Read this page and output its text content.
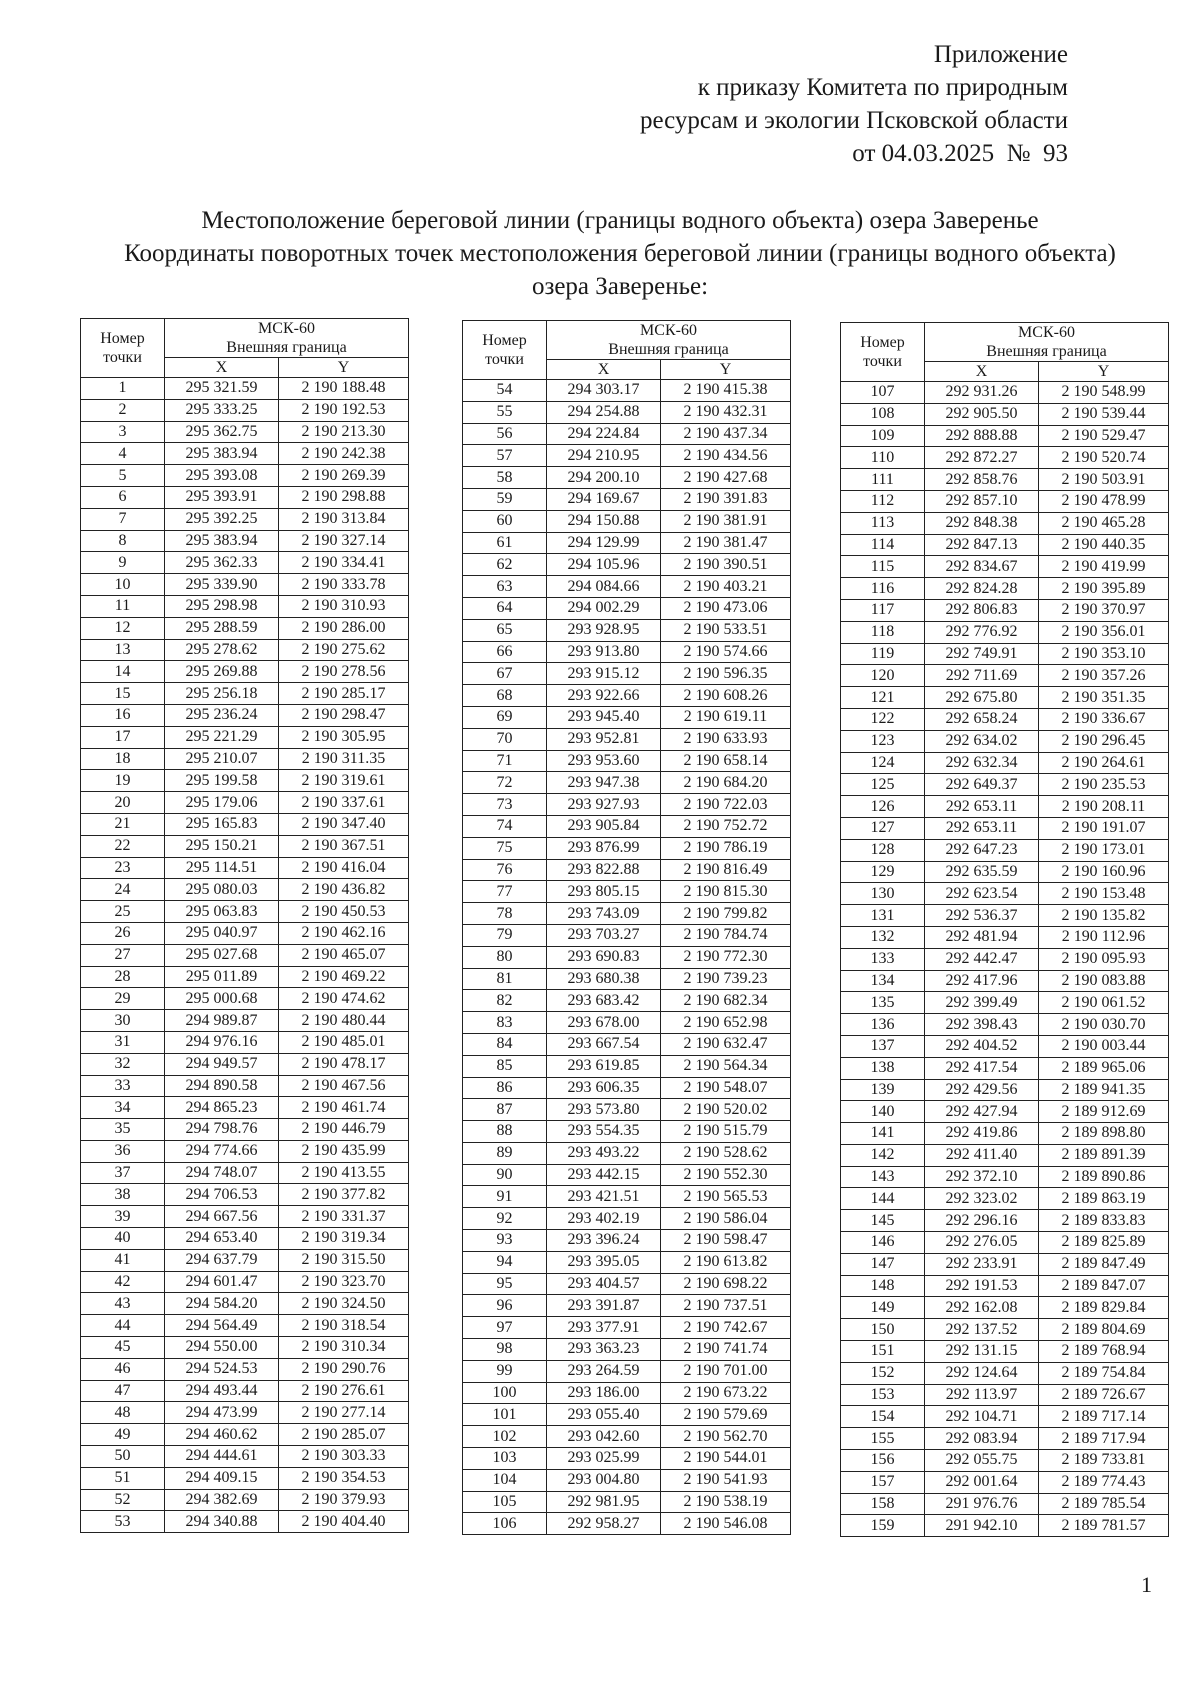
Приложение
к приказу Комитета по природным
ресурсам и экологии Псковской области
от 04.03.2025  №  93
Местоположение береговой линии (границы водного объекта) озера Заверенье
Координаты поворотных точек местоположения береговой линии (границы водного объекта) озера Заверенье:
Номер точки	МСК-60
Внешняя граница	
	X	Y
1	295 321.59	2 190 188.48
2	295 333.25	2 190 192.53
3	295 362.75	2 190 213.30
4	295 383.94	2 190 242.38
5	295 393.08	2 190 269.39
6	295 393.91	2 190 298.88
7	295 392.25	2 190 313.84
8	295 383.94	2 190 327.14
9	295 362.33	2 190 334.41
10	295 339.90	2 190 333.78
11	295 298.98	2 190 310.93
12	295 288.59	2 190 286.00
13	295 278.62	2 190 275.62
14	295 269.88	2 190 278.56
15	295 256.18	2 190 285.17
16	295 236.24	2 190 298.47
17	295 221.29	2 190 305.95
18	295 210.07	2 190 311.35
19	295 199.58	2 190 319.61
20	295 179.06	2 190 337.61
21	295 165.83	2 190 347.40
22	295 150.21	2 190 367.51
23	295 114.51	2 190 416.04
24	295 080.03	2 190 436.82
25	295 063.83	2 190 450.53
26	295 040.97	2 190 462.16
27	295 027.68	2 190 465.07
28	295 011.89	2 190 469.22
29	295 000.68	2 190 474.62
30	294 989.87	2 190 480.44
31	294 976.16	2 190 485.01
32	294 949.57	2 190 478.17
33	294 890.58	2 190 467.56
34	294 865.23	2 190 461.74
35	294 798.76	2 190 446.79
36	294 774.66	2 190 435.99
37	294 748.07	2 190 413.55
38	294 706.53	2 190 377.82
39	294 667.56	2 190 331.37
40	294 653.40	2 190 319.34
41	294 637.79	2 190 315.50
42	294 601.47	2 190 323.70
43	294 584.20	2 190 324.50
44	294 564.49	2 190 318.54
45	294 550.00	2 190 310.34
46	294 524.53	2 190 290.76
47	294 493.44	2 190 276.61
48	294 473.99	2 190 277.14
49	294 460.62	2 190 285.07
50	294 444.61	2 190 303.33
51	294 409.15	2 190 354.53
52	294 382.69	2 190 379.93
53	294 340.88	2 190 404.40
Номер точки	МСК-60
Внешняя граница	
	X	Y
54	294 303.17	2 190 415.38
55	294 254.88	2 190 432.31
56	294 224.84	2 190 437.34
57	294 210.95	2 190 434.56
58	294 200.10	2 190 427.68
59	294 169.67	2 190 391.83
60	294 150.88	2 190 381.91
61	294 129.99	2 190 381.47
62	294 105.96	2 190 390.51
63	294 084.66	2 190 403.21
64	294 002.29	2 190 473.06
65	293 928.95	2 190 533.51
66	293 913.80	2 190 574.66
67	293 915.12	2 190 596.35
68	293 922.66	2 190 608.26
69	293 945.40	2 190 619.11
70	293 952.81	2 190 633.93
71	293 953.60	2 190 658.14
72	293 947.38	2 190 684.20
73	293 927.93	2 190 722.03
74	293 905.84	2 190 752.72
75	293 876.99	2 190 786.19
76	293 822.88	2 190 816.49
77	293 805.15	2 190 815.30
78	293 743.09	2 190 799.82
79	293 703.27	2 190 784.74
80	293 690.83	2 190 772.30
81	293 680.38	2 190 739.23
82	293 683.42	2 190 682.34
83	293 678.00	2 190 652.98
84	293 667.54	2 190 632.47
85	293 619.85	2 190 564.34
86	293 606.35	2 190 548.07
87	293 573.80	2 190 520.02
88	293 554.35	2 190 515.79
89	293 493.22	2 190 528.62
90	293 442.15	2 190 552.30
91	293 421.51	2 190 565.53
92	293 402.19	2 190 586.04
93	293 396.24	2 190 598.47
94	293 395.05	2 190 613.82
95	293 404.57	2 190 698.22
96	293 391.87	2 190 737.51
97	293 377.91	2 190 742.67
98	293 363.23	2 190 741.74
99	293 264.59	2 190 701.00
100	293 186.00	2 190 673.22
101	293 055.40	2 190 579.69
102	293 042.60	2 190 562.70
103	293 025.99	2 190 544.01
104	293 004.80	2 190 541.93
105	292 981.95	2 190 538.19
106	292 958.27	2 190 546.08
Номер точки	МСК-60
Внешняя граница	
	X	Y
107	292 931.26	2 190 548.99
108	292 905.50	2 190 539.44
109	292 888.88	2 190 529.47
110	292 872.27	2 190 520.74
111	292 858.76	2 190 503.91
112	292 857.10	2 190 478.99
113	292 848.38	2 190 465.28
114	292 847.13	2 190 440.35
115	292 834.67	2 190 419.99
116	292 824.28	2 190 395.89
117	292 806.83	2 190 370.97
118	292 776.92	2 190 356.01
119	292 749.91	2 190 353.10
120	292 711.69	2 190 357.26
121	292 675.80	2 190 351.35
122	292 658.24	2 190 336.67
123	292 634.02	2 190 296.45
124	292 632.34	2 190 264.61
125	292 649.37	2 190 235.53
126	292 653.11	2 190 208.11
127	292 653.11	2 190 191.07
128	292 647.23	2 190 173.01
129	292 635.59	2 190 160.96
130	292 623.54	2 190 153.48
131	292 536.37	2 190 135.82
132	292 481.94	2 190 112.96
133	292 442.47	2 190 095.93
134	292 417.96	2 190 083.88
135	292 399.49	2 190 061.52
136	292 398.43	2 190 030.70
137	292 404.52	2 190 003.44
138	292 417.54	2 189 965.06
139	292 429.56	2 189 941.35
140	292 427.94	2 189 912.69
141	292 419.86	2 189 898.80
142	292 411.40	2 189 891.39
143	292 372.10	2 189 890.86
144	292 323.02	2 189 863.19
145	292 296.16	2 189 833.83
146	292 276.05	2 189 825.89
147	292 233.91	2 189 847.49
148	292 191.53	2 189 847.07
149	292 162.08	2 189 829.84
150	292 137.52	2 189 804.69
151	292 131.15	2 189 768.94
152	292 124.64	2 189 754.84
153	292 113.97	2 189 726.67
154	292 104.71	2 189 717.14
155	292 083.94	2 189 717.94
156	292 055.75	2 189 733.81
157	292 001.64	2 189 774.43
158	291 976.76	2 189 785.54
159	291 942.10	2 189 781.57
1
